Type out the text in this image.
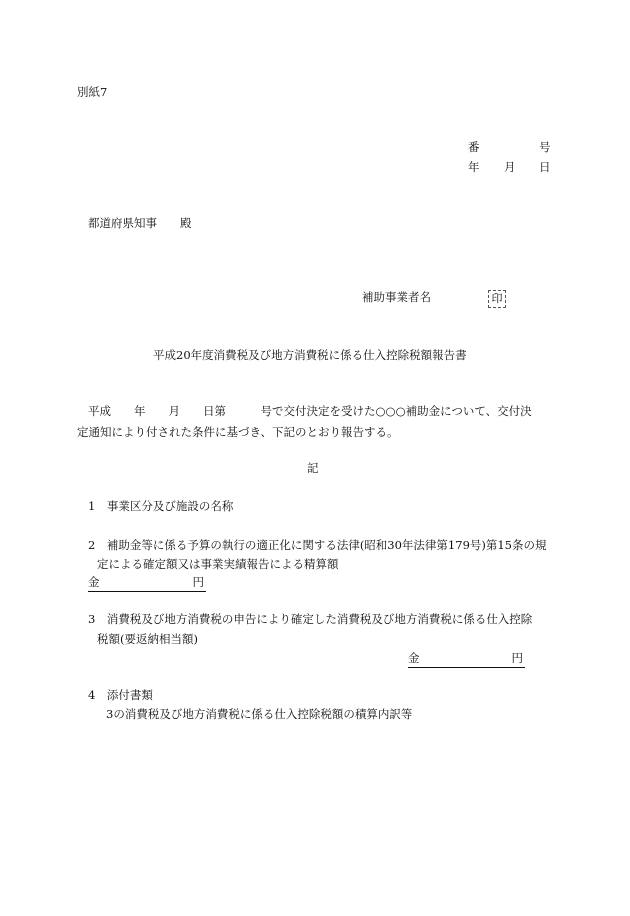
別紙7
番	号
年 月 日
都道府県知事　　殿
補助事業者名	印
平成20年度消費税及び地方消費税に係る仕入控除税額報告書
平成　　年　　月　　日第　　　号で交付決定を受けた○○○補助金について、交付決
定通知により付された条件に基づき、下記のとおり報告する。
記
1　事業区分及び施設の名称
2　補助金等に係る予算の執行の適正化に関する法律(昭和30年法律第179号)第15条の規
定による確定額又は事業実績報告による精算額
金	円
3　消費税及び地方消費税の申告により確定した消費税及び地方消費税に係る仕入控除
税額(要返納相当額)
金	円
4　添付書類
3の消費税及び地方消費税に係る仕入控除税額の積算内訳等
